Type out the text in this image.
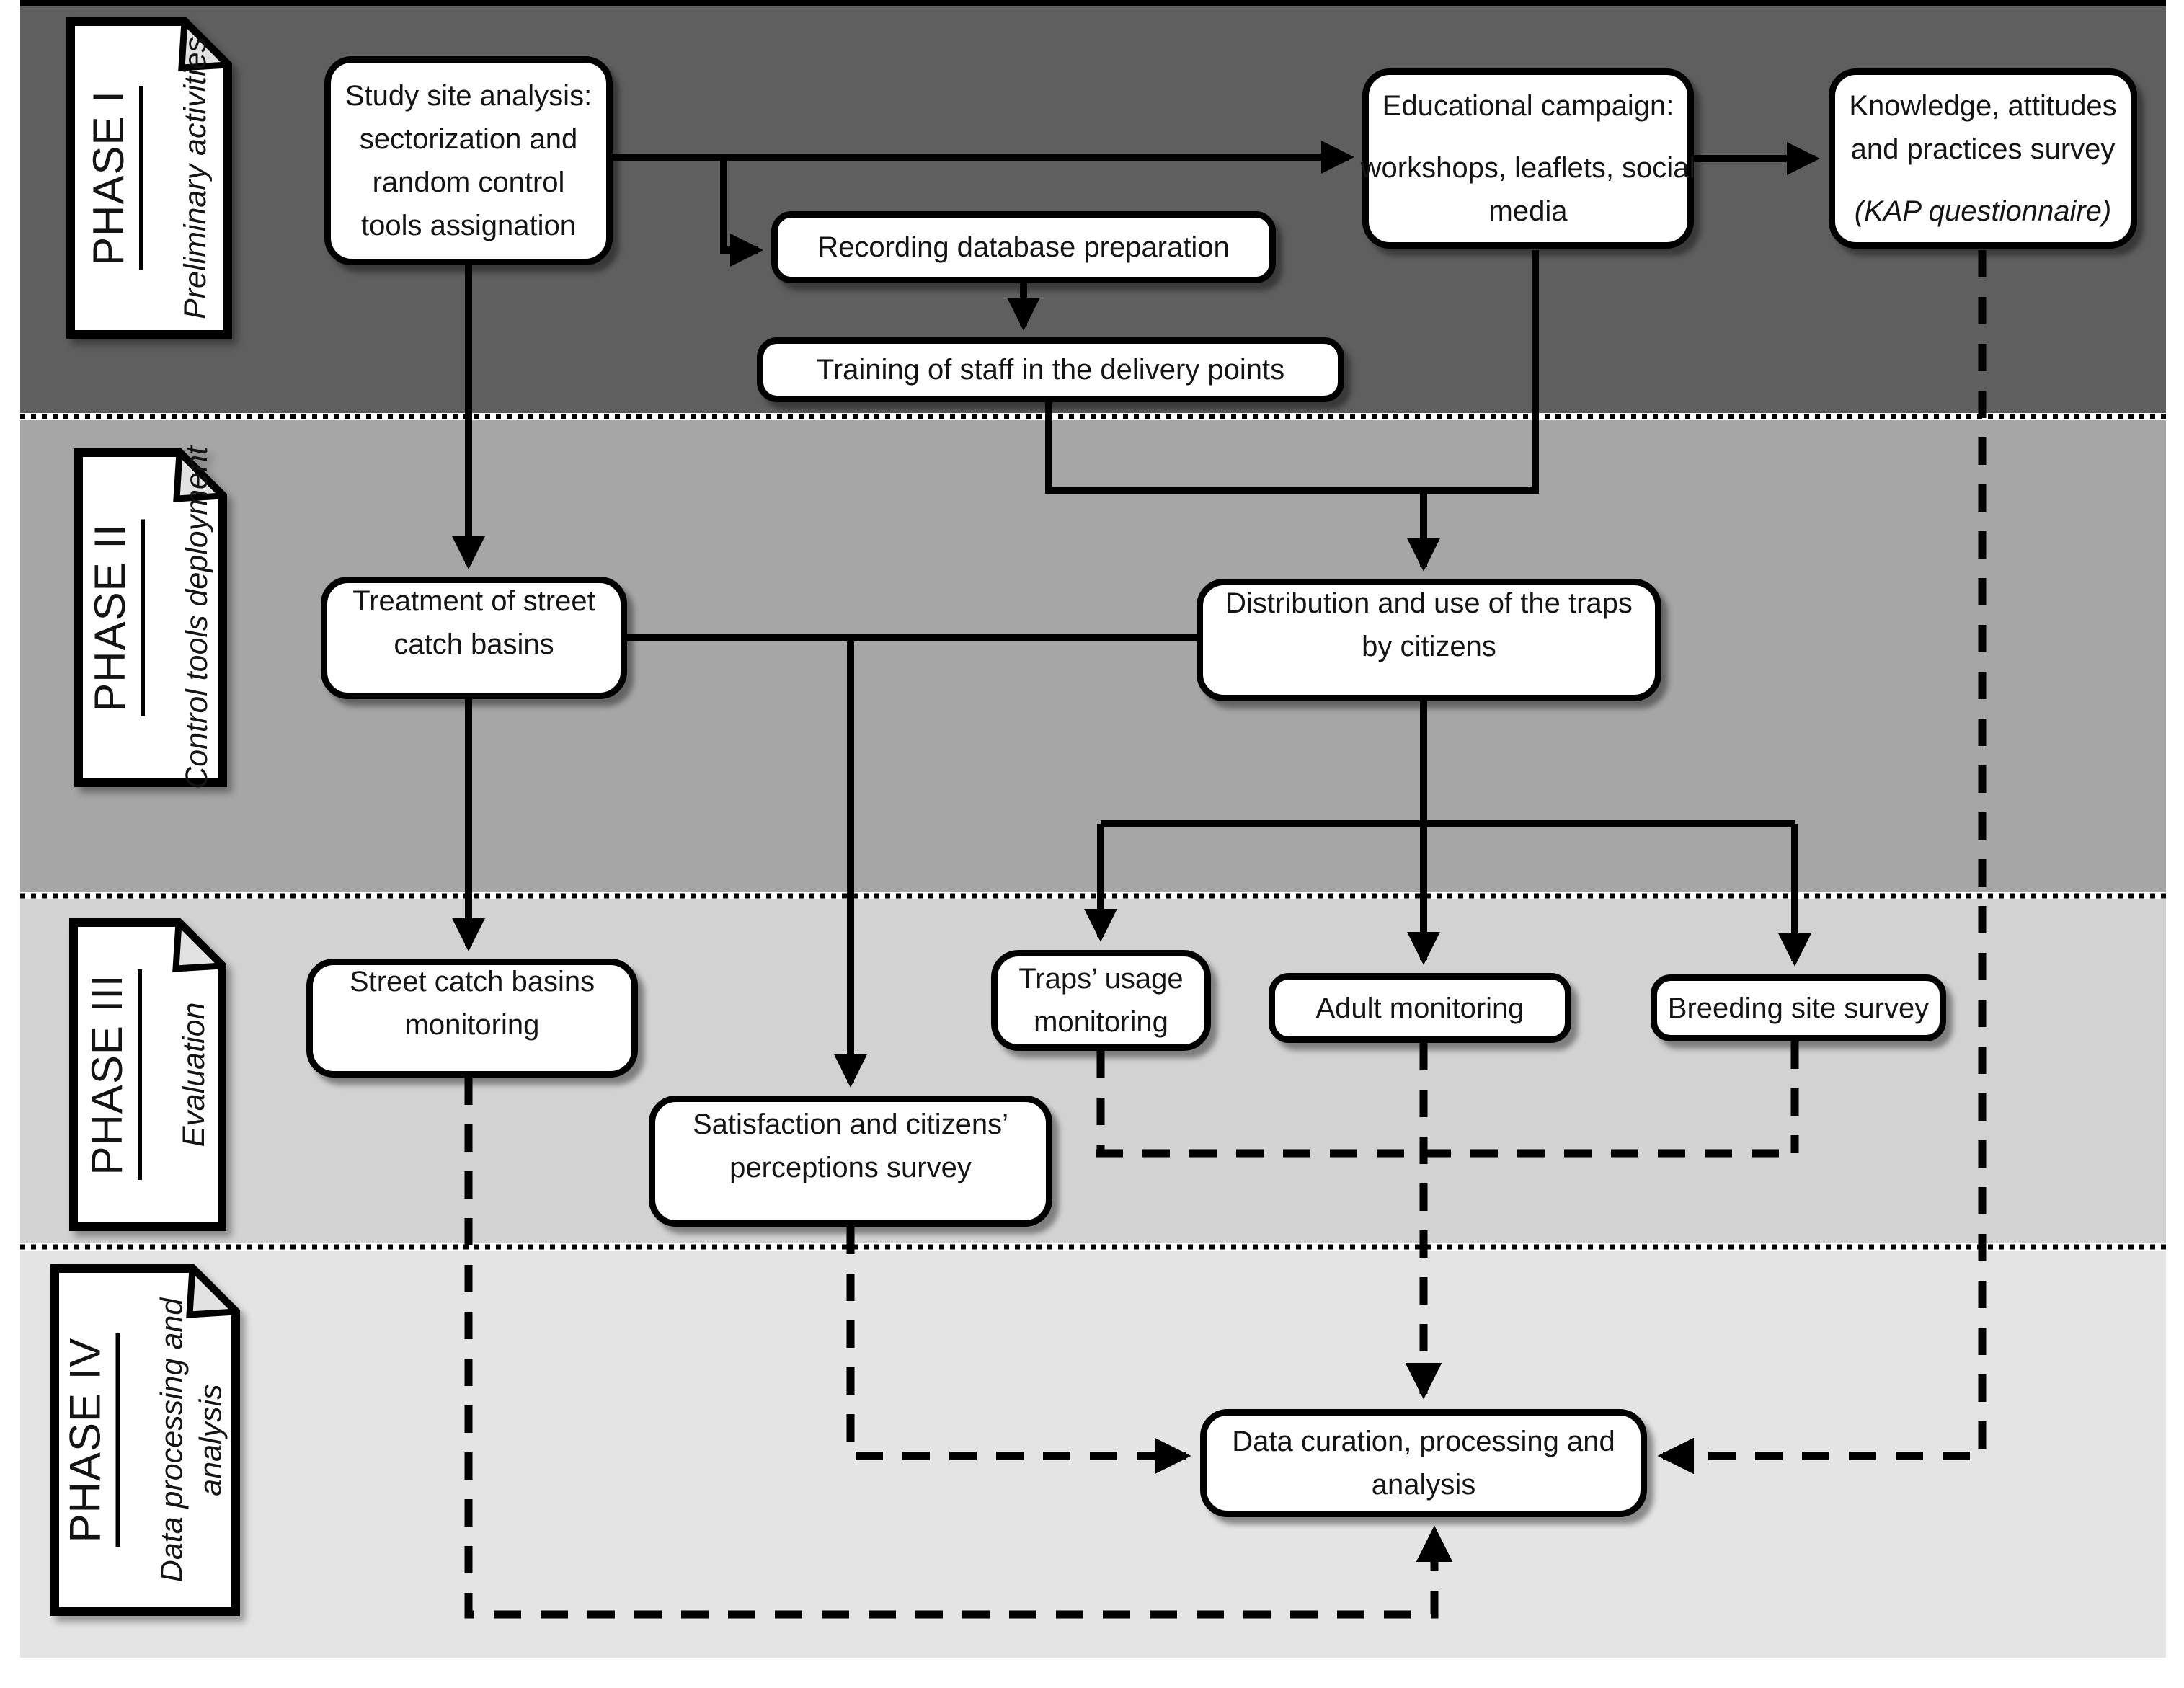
PHASE I	Preliminary activities
PHASE II	Control tools deployment
PHASE III	Evaluation
PHASE IV	Data processing and analysis
Study site analysis:
sectorization and
random control
tools assignation
Educational campaign:
workshops, leaflets, social
media
Knowledge, attitudes
and practices survey
(KAP questionnaire)
Recording database preparation
Training of staff in the delivery points
Treatment of street
catch basins
Distribution and use of the traps
by citizens
Street catch basins
monitoring
Traps’ usage
monitoring	Adult monitoring	Breeding site survey
Satisfaction and citizens’
perceptions survey
Data curation, processing and
analysis
